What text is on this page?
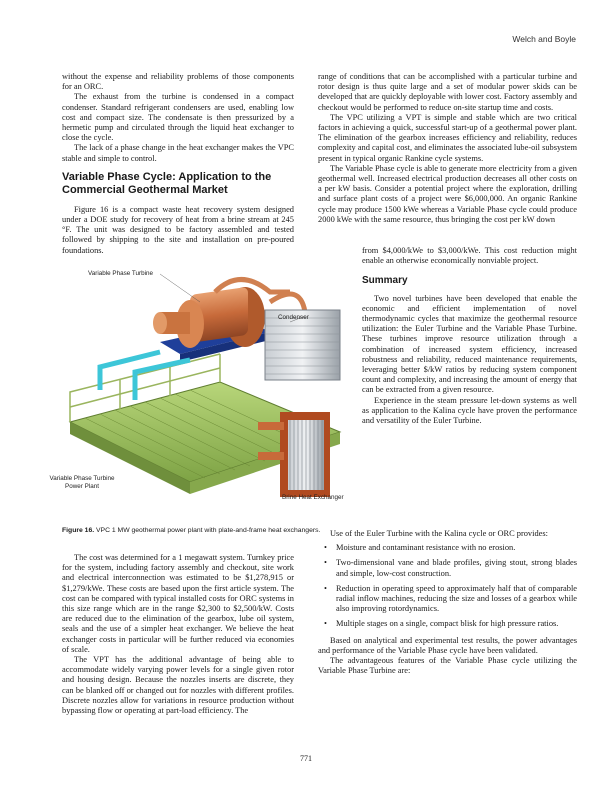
Welch and Boyle

without the expense and reliability problems of those components for an ORC.

The exhaust from the turbine is condensed in a compact condenser. Standard refrigerant condensers are used, enabling low cost and compact size. The condensate is then pressurized by a hermetic pump and circulated through the liquid heat exchanger to close the cycle.

The lack of a phase change in the heat exchanger makes the VPC stable and simple to control.

Variable Phase Cycle: Application to the Commercial Geothermal Market

Figure 16 is a compact waste heat recovery system designed under a DOE study for recovery of heat from a brine stream at 245 °F. The unit was designed to be factory assembled and tested followed by shipping to the site and installation on pre-poured foundations.

range of conditions that can be accomplished with a particular turbine and rotor design is thus quite large and a set of modular power skids can be developed that are quickly deployable with lower cost. Factory assembly and checkout would be performed to reduce on-site startup time and costs.

The VPC utilizing a VPT is simple and stable which are two critical factors in achieving a quick, successful start-up of a geothermal power plant. The elimination of the gearbox increases efficiency and reliability, reduces complexity and capital cost, and eliminates the associated lube-oil subsystem present in typical organic Rankine cycle systems.

The Variable Phase cycle is able to generate more electricity from a given geothermal well. Increased electrical production decreases all other costs on a per kW basis. Consider a potential project where the exploration, drilling and surface plant costs of a project were $6,000,000. An organic Rankine cycle may produce 1500 kWe whereas a Variable Phase cycle could produce 2000 kWe with the same resource, thus bringing the cost per kW down

from $4,000/kWe to $3,000/kWe. This cost reduction might enable an otherwise economically nonviable project.

Summary

Two novel turbines have been developed that enable the economic and efficient implementation of novel thermodynamic cycles that maximize the geothermal resource utilization: the Euler Turbine and the Variable Phase Turbine. These turbines improve resource utilization through a combination of increased system efficiency, increased robustness and reliability, reduced maintenance requirements, leveraging better $/kW ratios by reducing system component count and complexity, and increasing the amount of energy that can be extracted from a given resource.

Experience in the steam pressure let-down systems as well as application to the Kalina cycle have proven the performance and versatility of the Euler Turbine.

Variable Phase Turbine
Condenser
Variable Phase Turbine
Power Plant
Brine Heat Exchanger
Figure 16. VPC 1 MW geothermal power plant with plate-and-frame heat exchangers.

The cost was determined for a 1 megawatt system. Turnkey price for the system, including factory assembly and checkout, site work and electrical interconnection was estimated to be $1,278,915 or $1,279/kWe. These costs are based upon the first article system. The cost can be compared with typical installed costs for ORC systems in this size range which are in the range $2,300 to $2,500/kW. Costs are reduced due to the elimination of the gearbox, lube oil system, seals and the use of a simpler heat exchanger. We believe the heat exchanger costs in particular will be further reduced via economies of scale.

The VPT has the additional advantage of being able to accommodate widely varying power levels for a single given rotor and housing design. Because the nozzles inserts are discrete, they can be blanked off or changed out for nozzles with different profiles. Discrete nozzles allow for variations in resource production without bypassing flow or operating at part-load efficiency. The

Use of the Euler Turbine with the Kalina cycle or ORC provides:

• Moisture and contaminant resistance with no erosion.
• Two-dimensional vane and blade profiles, giving stout, strong blades and simple, low-cost construction.
• Reduction in operating speed to approximately half that of comparable radial inflow machines, reducing the size and losses of a gearbox while also improving rotordynamics.
• Multiple stages on a single, compact blisk for high pressure ratios.

Based on analytical and experimental test results, the power advantages and performance of the Variable Phase cycle have been validated.

The advantageous features of the Variable Phase cycle utilizing the Variable Phase Turbine are:

771
